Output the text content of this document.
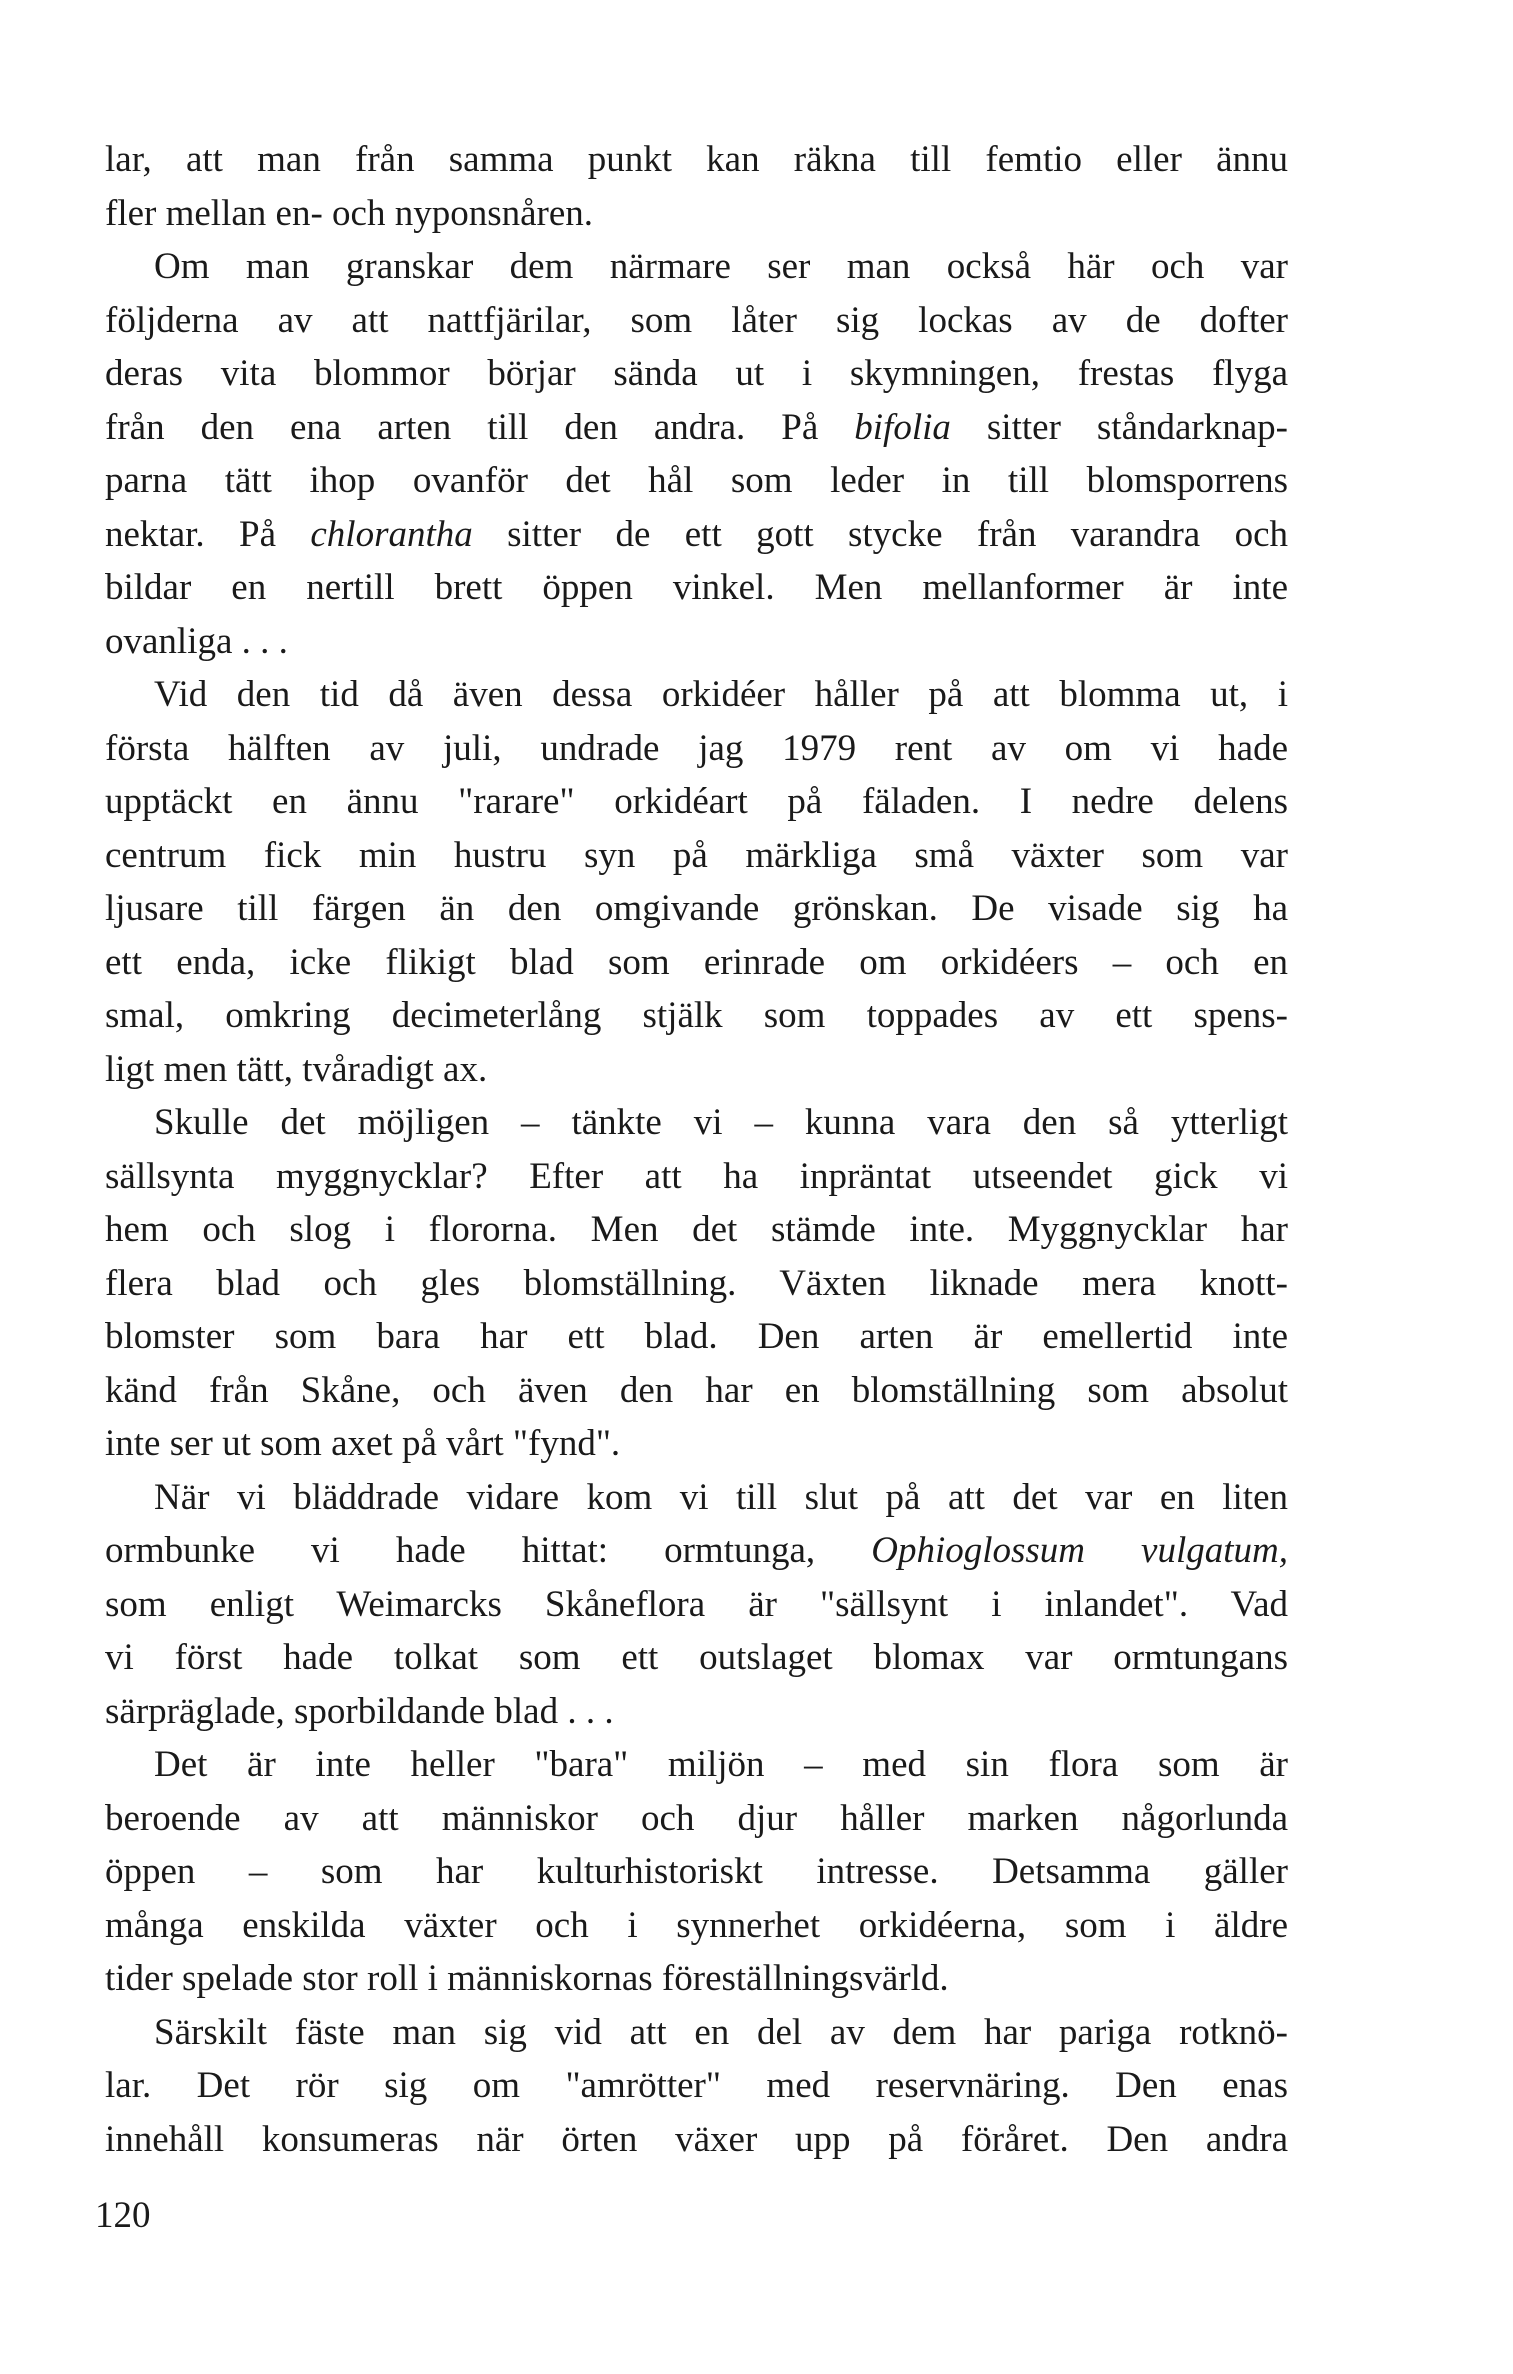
lar, att man från samma punkt kan räkna till femtio eller ännu
fler mellan en- och nyponsnåren.
Om man granskar dem närmare ser man också här och var
följderna av att nattfjärilar, som låter sig lockas av de dofter
deras vita blommor börjar sända ut i skymningen, frestas flyga
från den ena arten till den andra. På bifolia sitter ståndarknap-
parna tätt ihop ovanför det hål som leder in till blomsporrens
nektar. På chlorantha sitter de ett gott stycke från varandra och
bildar en nertill brett öppen vinkel. Men mellanformer är inte
ovanliga . . .
Vid den tid då även dessa orkidéer håller på att blomma ut, i
första hälften av juli, undrade jag 1979 rent av om vi hade
upptäckt en ännu "rarare" orkidéart på fäladen. I nedre delens
centrum fick min hustru syn på märkliga små växter som var
ljusare till färgen än den omgivande grönskan. De visade sig ha
ett enda, icke flikigt blad som erinrade om orkidéers – och en
smal, omkring decimeterlång stjälk som toppades av ett spens-
ligt men tätt, tvåradigt ax.
Skulle det möjligen – tänkte vi – kunna vara den så ytterligt
sällsynta myggnycklar? Efter att ha inpräntat utseendet gick vi
hem och slog i flororna. Men det stämde inte. Myggnycklar har
flera blad och gles blomställning. Växten liknade mera knott-
blomster som bara har ett blad. Den arten är emellertid inte
känd från Skåne, och även den har en blomställning som absolut
inte ser ut som axet på vårt "fynd".
När vi bläddrade vidare kom vi till slut på att det var en liten
ormbunke vi hade hittat: ormtunga, Ophioglossum vulgatum,
som enligt Weimarcks Skåneflora är "sällsynt i inlandet". Vad
vi först hade tolkat som ett outslaget blomax var ormtungans
särpräglade, sporbildande blad . . .
Det är inte heller "bara" miljön – med sin flora som är
beroende av att människor och djur håller marken någorlunda
öppen – som har kulturhistoriskt intresse. Detsamma gäller
många enskilda växter och i synnerhet orkidéerna, som i äldre
tider spelade stor roll i människornas föreställningsvärld.
Särskilt fäste man sig vid att en del av dem har pariga rotknö-
lar. Det rör sig om "amrötter" med reservnäring. Den enas
innehåll konsumeras när örten växer upp på föråret. Den andra
120
